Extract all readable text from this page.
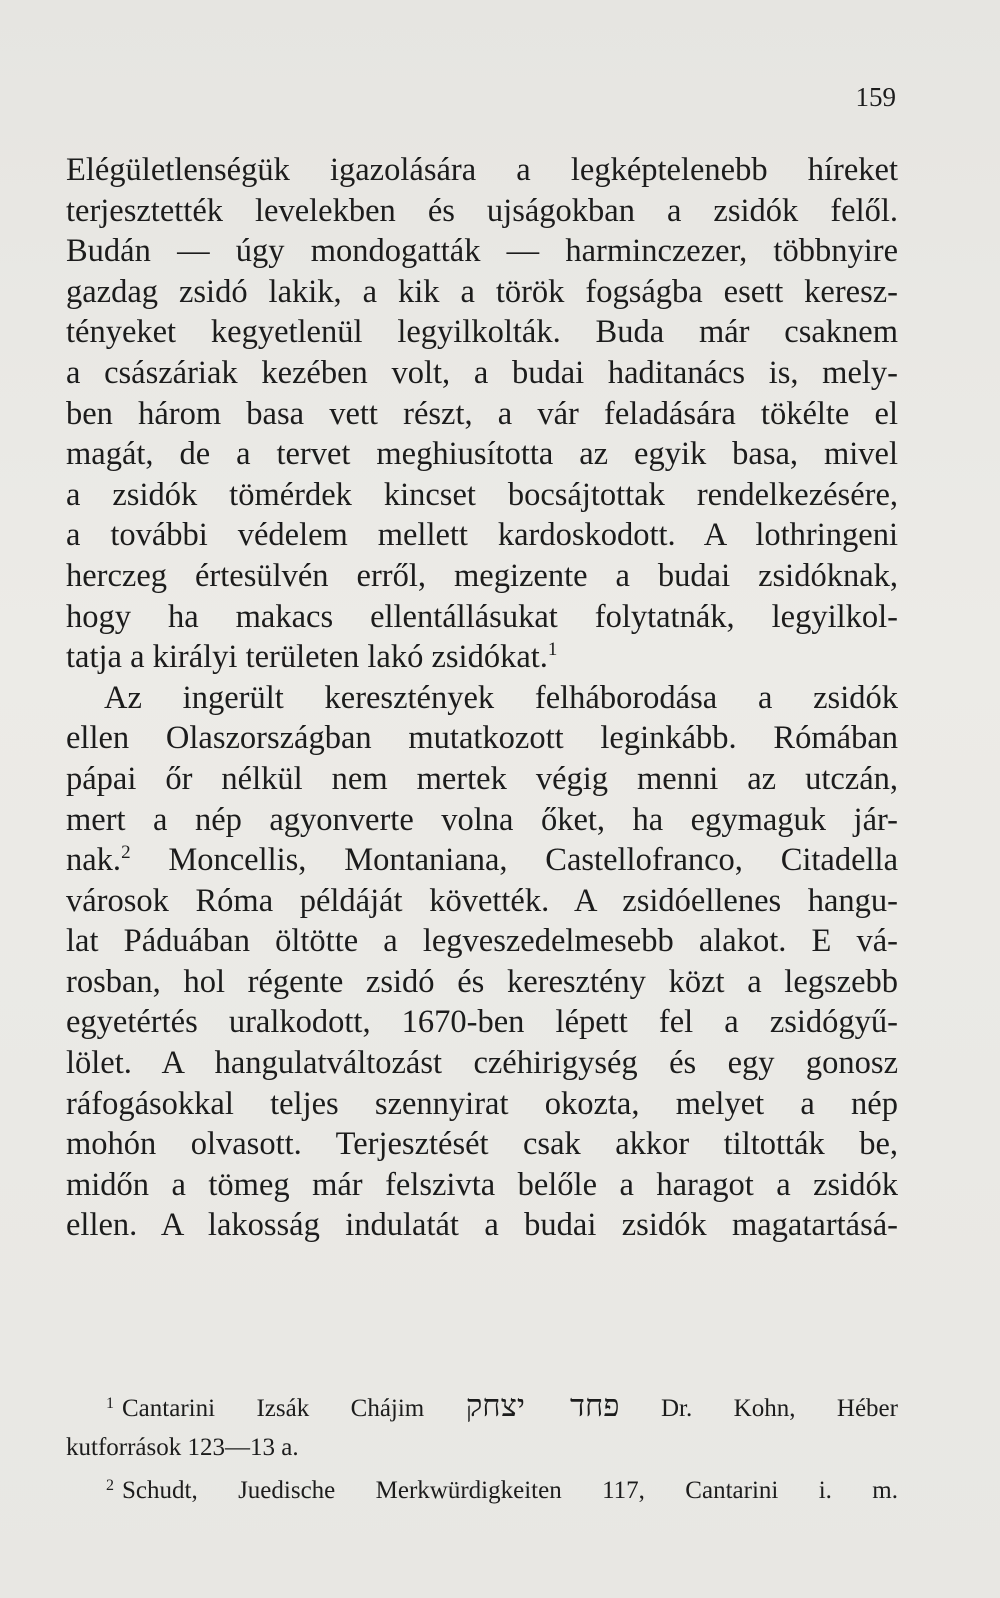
159
Elégületlenségük igazolására a legképtelenebb híreket
terjesztették levelekben és ujságokban a zsidók felől.
Budán — úgy mondogatták — harminczezer, többnyire
gazdag zsidó lakik, a kik a török fogságba esett keresz-
tényeket kegyetlenül legyilkolták. Buda már csaknem
a császáriak kezében volt, a budai haditanács is, mely-
ben három basa vett részt, a vár feladására tökélte el
magát, de a tervet meghiusította az egyik basa, mivel
a zsidók tömérdek kincset bocsájtottak rendelkezésére,
a további védelem mellett kardoskodott. A lothringeni
herczeg értesülvén erről, megizente a budai zsidóknak,
hogy ha makacs ellentállásukat folytatnák, legyilkol-
tatja a királyi területen lakó zsidókat.$^1$
Az ingerült keresztények felháborodása a zsidók
ellen Olaszországban mutatkozott leginkább. Rómában
pápai őr nélkül nem mertek végig menni az utczán,
mert a nép agyonverte volna őket, ha egymaguk jár-
nak.$^2$ Moncellis, Montaniana, Castellofranco, Citadella
városok Róma példáját követték. A zsidóellenes hangu-
lat Páduában öltötte a legveszedelmesebb alakot. E vá-
rosban, hol régente zsidó és keresztény közt a legszebb
egyetértés uralkodott, 1670-ben lépett fel a zsidógyű-
lölet. A hangulatváltozást czéhirigység és egy gonosz
ráfogásokkal teljes szennyirat okozta, melyet a nép
mohón olvasott. Terjesztését csak akkor tiltották be,
midőn a tömeg már felszivta belőle a haragot a zsidók
ellen. A lakosság indulatát a budai zsidók magatartásá-
$^1$ Cantarini Izsák Chájim פחד יצחק Dr. Kohn, Héber
kutforrások 123—13 a.
$^2$ Schudt, Juedische Merkwürdigkeiten 117, Cantarini i. m.
